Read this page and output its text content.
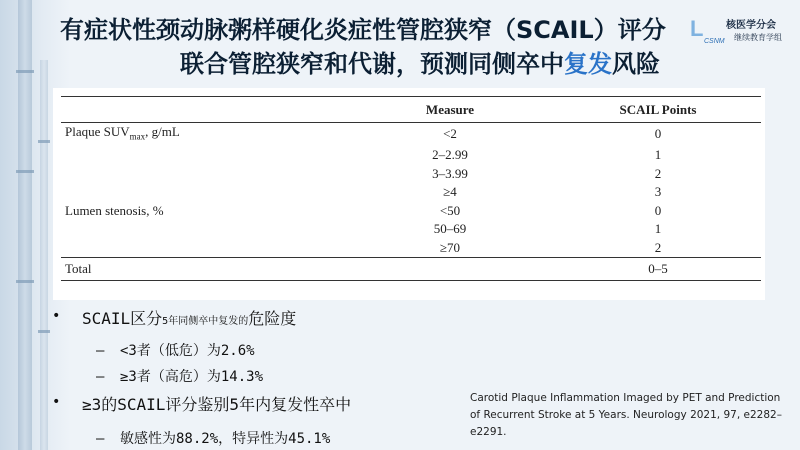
有症状性颈动脉粥样硬化炎症性管腔狭窄（SCAIL）评分
联合管腔狭窄和代谢，预测同侧卒中复发风险
L
CSNM
核医学分会
继续教育学组
	Measure	SCAIL Points
Plaque $SUV_{max}$, g/mL	<2	0
	2–2.99	1
	3–3.99	2
	≥4	3
Lumen stenosis, %	<50	0
	50–69	1
	≥70	2
Total		0–5
• SCAIL区分5年同侧卒中复发的危险度
– <3者（低危）为2.6%
– ≥3者（高危）为14.3%
• ≥3的SCAIL评分鉴别5年内复发性卒中
– 敏感性为88.2%，特异性为45.1%
Carotid Plaque Inflammation Imaged by PET and Prediction of Recurrent Stroke at 5 Years. Neurology 2021, 97, e2282–e2291.
